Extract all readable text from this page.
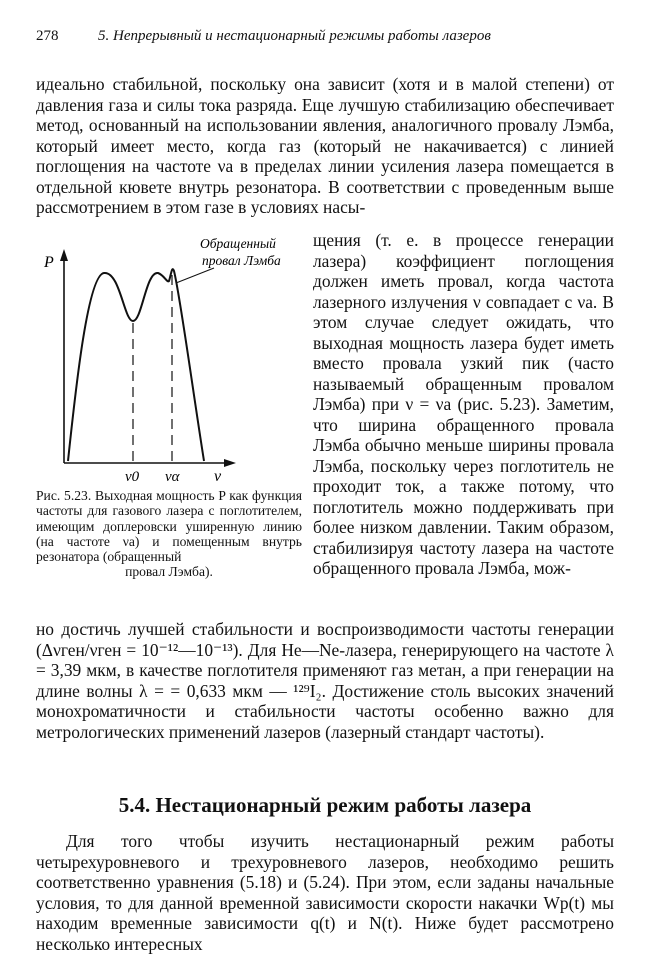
278	5. Непрерывный и нестационарный режимы работы лазеров

идеально стабильной, поскольку она зависит (хотя и в малой степени) от давления газа и силы тока разряда. Еще лучшую стабилизацию обеспечивает метод, основанный на использовании явления, аналогичного провалу Лэмба, который имеет место, когда газ (который не накачивается) с линией поглощения на частоте νa в пределах линии усиления лазера помещается в отдельной кювете внутрь резонатора. В соответствии с проведенным выше рассмотрением в этом газе в условиях насы-

P
ν
ν0 να
Обращенный
провал Лэмба
Рис. 5.23. Выходная мощность P как функция частоты для газового лазера с поглотителем, имеющим доплеровски уширенную линию (на частоте νa) и помещенным внутрь резонатора (обращенный
провал Лэмба).

щения (т. е. в процессе генерации лазера) коэффициент поглощения должен иметь провал, когда частота лазерного излучения ν совпадает с νa. В этом случае следует ожидать, что выходная мощность лазера будет иметь вместо провала узкий пик (часто называемый обращенным провалом Лэмба) при ν = νa (рис. 5.23). Заметим, что ширина обращенного провала Лэмба обычно меньше ширины провала Лэмба, поскольку через поглотитель не проходит ток, а также потому, что поглотитель можно поддерживать при более низком давлении. Таким образом, стабилизируя частоту лазера на частоте обращенного провала Лэмба, мож-

но достичь лучшей стабильности и воспроизводимости частоты генерации (Δνген/νген = 10⁻¹²—10⁻¹³). Для He—Ne-лазера, генерирующего на частоте λ = 3,39 мкм, в качестве поглотителя применяют газ метан, а при генерации на длине волны λ = = 0,633 мкм — ¹²⁹I₂. Достижение столь высоких значений монохроматичности и стабильности частоты особенно важно для метрологических применений лазеров (лазерный стандарт частоты).

5.4. Нестационарный режим работы лазера

Для того чтобы изучить нестационарный режим работы четырехуровневого и трехуровневого лазеров, необходимо решить соответственно уравнения (5.18) и (5.24). При этом, если заданы начальные условия, то для данной временной зависимости скорости накачки Wp(t) мы находим временные зависимости q(t) и N(t). Ниже будет рассмотрено несколько интересных
